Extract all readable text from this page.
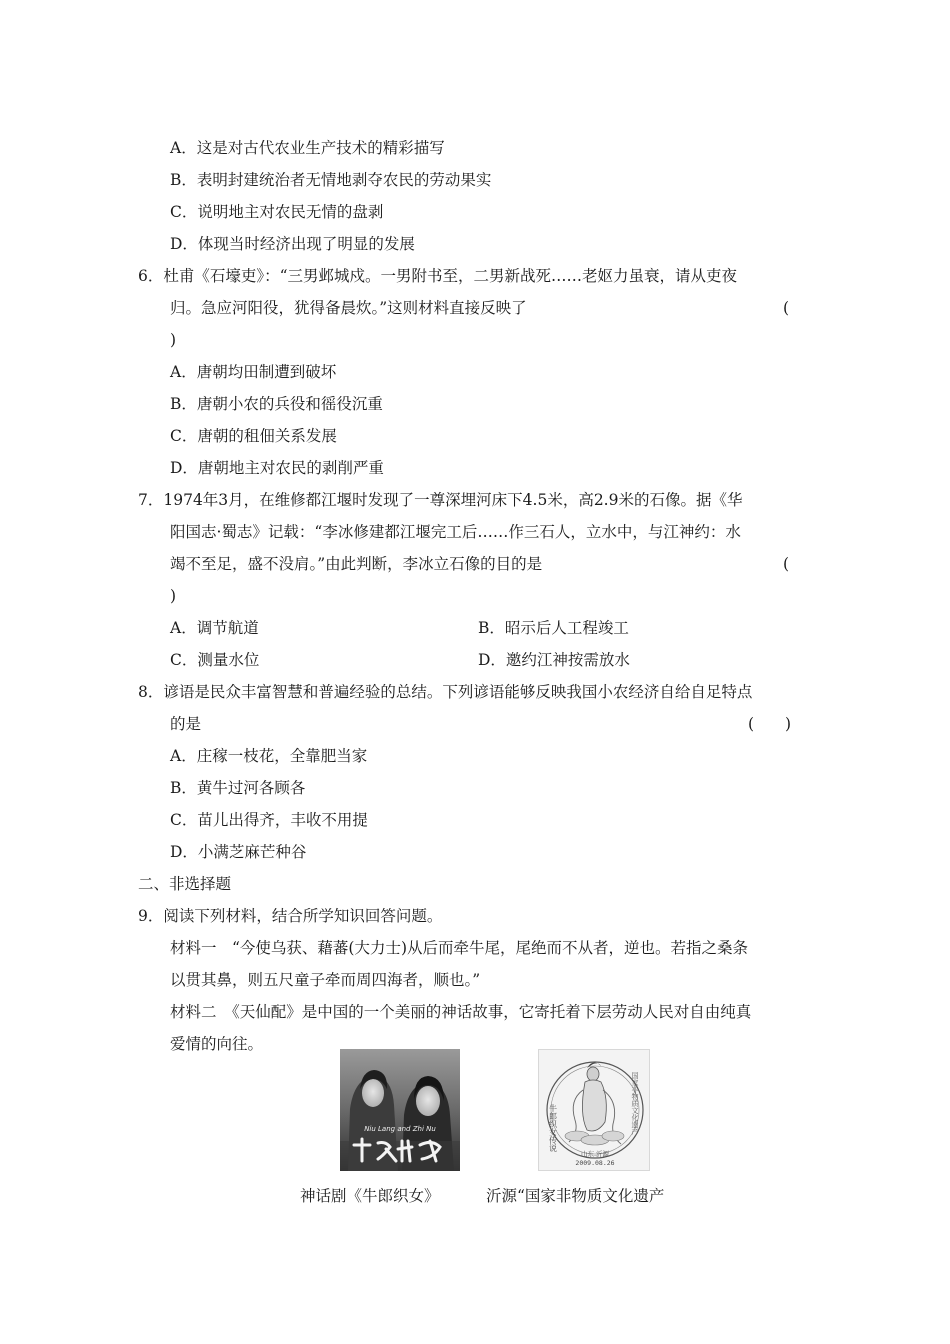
A．这是对古代农业生产技术的精彩描写
B．表明封建统治者无情地剥夺农民的劳动果实
C．说明地主对农民无情的盘剥
D．体现当时经济出现了明显的发展
6．杜甫《石壕吏》：“三男邺城戍。一男附书至，二男新战死……老妪力虽衰，请从吏夜
归。急应河阳役，犹得备晨炊。”这则材料直接反映了	(
)
A．唐朝均田制遭到破坏
B．唐朝小农的兵役和徭役沉重
C．唐朝的租佃关系发展
D．唐朝地主对农民的剥削严重
7．1974年3月，在维修都江堰时发现了一尊深埋河床下4.5米，高2.9米的石像。据《华
阳国志·蜀志》记载：“李冰修建都江堰完工后……作三石人，立水中，与江神约：水
竭不至足，盛不没肩。”由此判断，李冰立石像的目的是	(
)
A．调节航道	B．昭示后人工程竣工
C．测量水位	D．邀约江神按需放水
8．谚语是民众丰富智慧和普遍经验的总结。下列谚语能够反映我国小农经济自给自足特点
的是	(　　)
A．庄稼一枝花，全靠肥当家
B．黄牛过河各顾各
C．苗儿出得齐，丰收不用提
D．小满芝麻芒种谷
二、非选择题
9．阅读下列材料，结合所学知识回答问题。
材料一　“今使乌获、藉蕃(大力士)从后而牵牛尾，尾绝而不从者，逆也。若指之桑条
以贯其鼻，则五尺童子牵而周四海者，顺也。”
材料二　《天仙配》是中国的一个美丽的神话故事，它寄托着下层劳动人民对自由纯真
爱情的向往。
Niu Lang and Zhi Nu	牛郎织女传说	国家非物质文化遗产
山东.沂源
2009.08.26
神话剧《牛郎织女》	沂源“国家非物质文化遗产
